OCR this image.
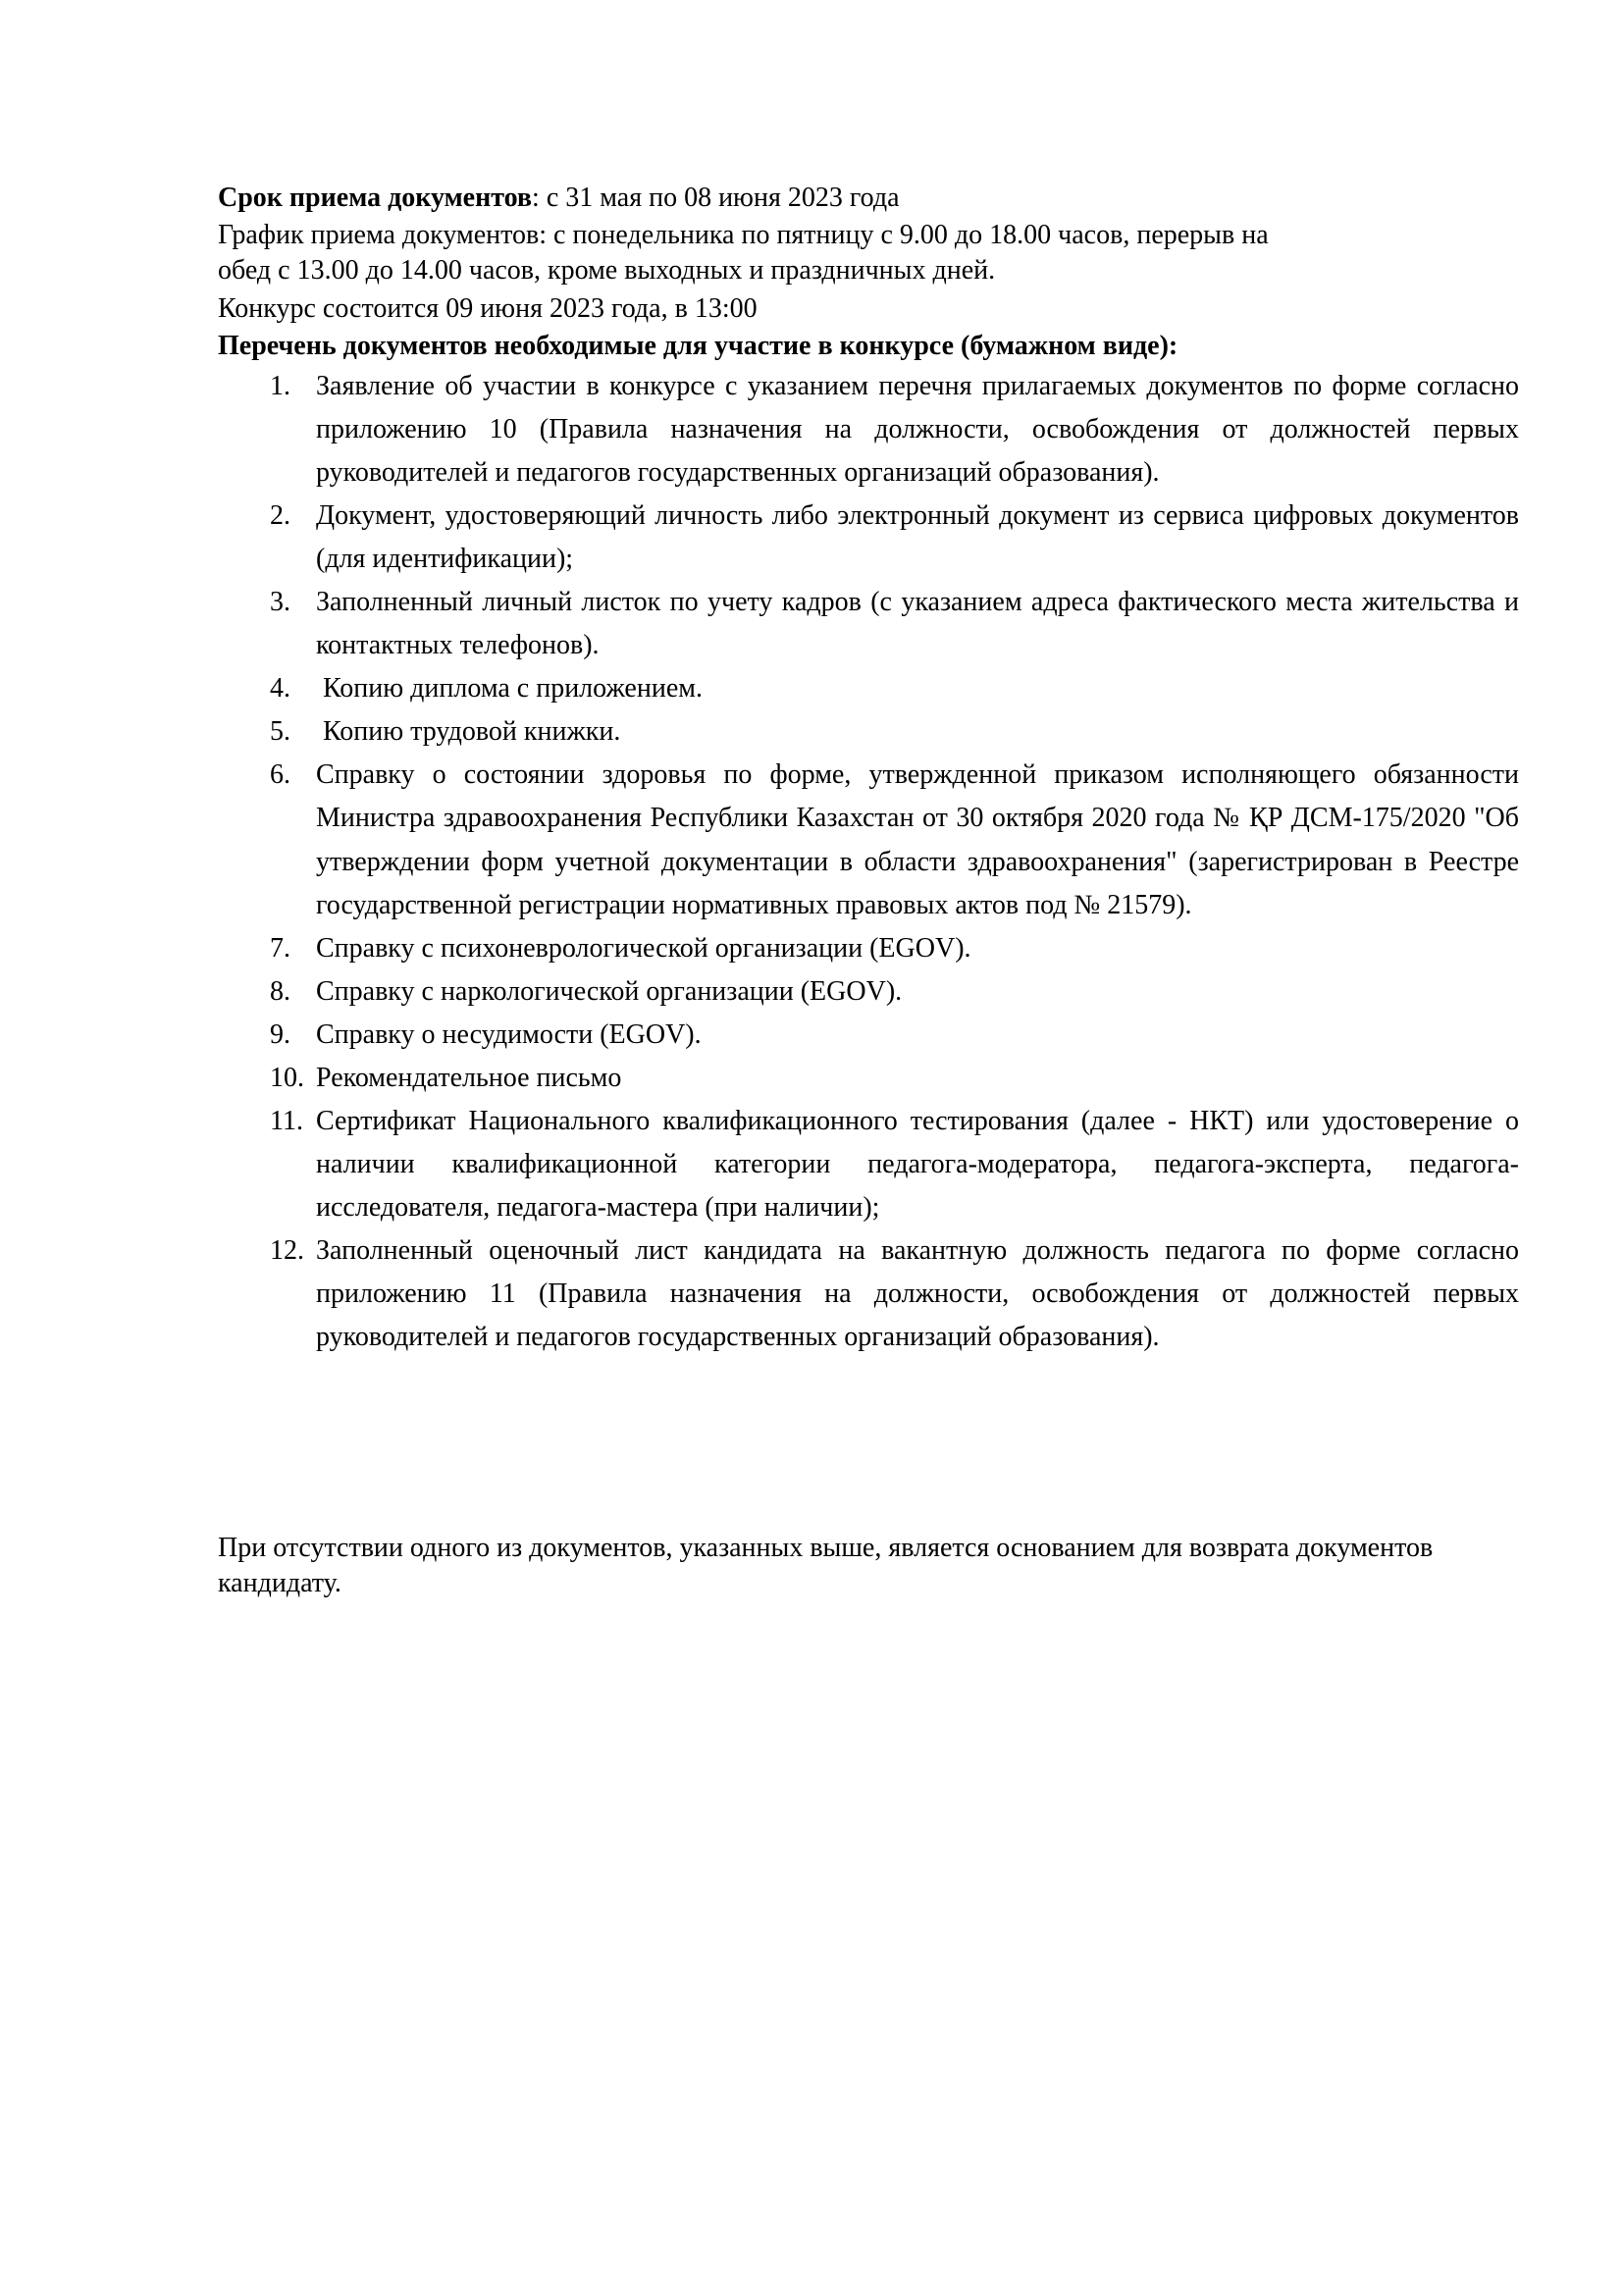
Срок приема документов: с 31 мая по 08 июня 2023 года
График приема документов: с понедельника по пятницу с 9.00 до 18.00 часов, перерыв на
обед с 13.00 до 14.00 часов, кроме выходных и праздничных дней.
Конкурс состоится 09 июня 2023 года, в 13:00
Перечень документов необходимые для участие в конкурсе (бумажном виде):
1. Заявление об участии в конкурсе с указанием перечня прилагаемых документов по форме согласно приложению 10 (Правила назначения на должности, освобождения от должностей первых руководителей и педагогов государственных организаций образования).
2. Документ, удостоверяющий личность либо электронный документ из сервиса цифровых документов (для идентификации);
3. Заполненный личный листок по учету кадров (с указанием адреса фактического места жительства и контактных телефонов).
4. Копию диплома с приложением.
5. Копию трудовой книжки.
6. Справку о состоянии здоровья по форме, утвержденной приказом исполняющего обязанности Министра здравоохранения Республики Казахстан от 30 октября 2020 года № ҚР ДСМ-175/2020 "Об утверждении форм учетной документации в области здравоохранения" (зарегистрирован в Реестре государственной регистрации нормативных правовых актов под № 21579).
7. Справку с психоневрологической организации (EGOV).
8. Справку с наркологической организации (EGOV).
9. Справку о несудимости (EGOV).
10. Рекомендательное письмо
11. Сертификат Национального квалификационного тестирования (далее - НКТ) или удостоверение о наличии квалификационной категории педагога-модератора, педагога-эксперта, педагога-исследователя, педагога-мастера (при наличии);
12. Заполненный оценочный лист кандидата на вакантную должность педагога по форме согласно приложению 11 (Правила назначения на должности, освобождения от должностей первых руководителей и педагогов государственных организаций образования).
При отсутствии одного из документов, указанных выше, является основанием для возврата документов кандидату.
